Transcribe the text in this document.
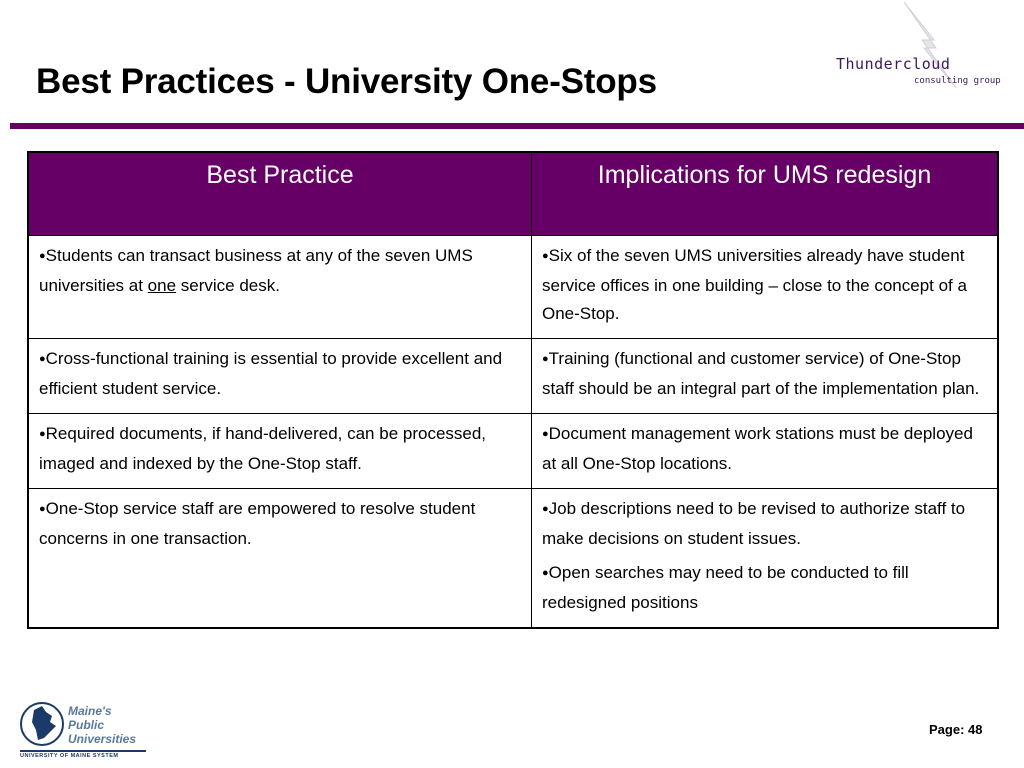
Best Practices - University One-Stops	Thundercloud
consulting group
Best Practice	Implications for UMS redesign
●Students can transact business at any of the seven UMS universities at one service desk.	●Six of the seven UMS universities already have student service offices in one building – close to the concept of a One-Stop.

●Cross-functional training is essential to provide excellent and efficient student service.	●Training (functional and customer service) of One-Stop staff should be an integral part of the implementation plan.

●Required documents, if hand-delivered, can be processed, imaged and indexed by the One-Stop staff.	●Document management work stations must be deployed at all One-Stop locations.

●One-Stop service staff are empowered to resolve student concerns in one transaction.	●Job descriptions need to be revised to authorize staff to make decisions on student issues.
●Open searches may need to be conducted to fill redesigned positions
Maine's
Public
Universities
UNIVERSITY OF MAINE SYSTEM
Page: 48
